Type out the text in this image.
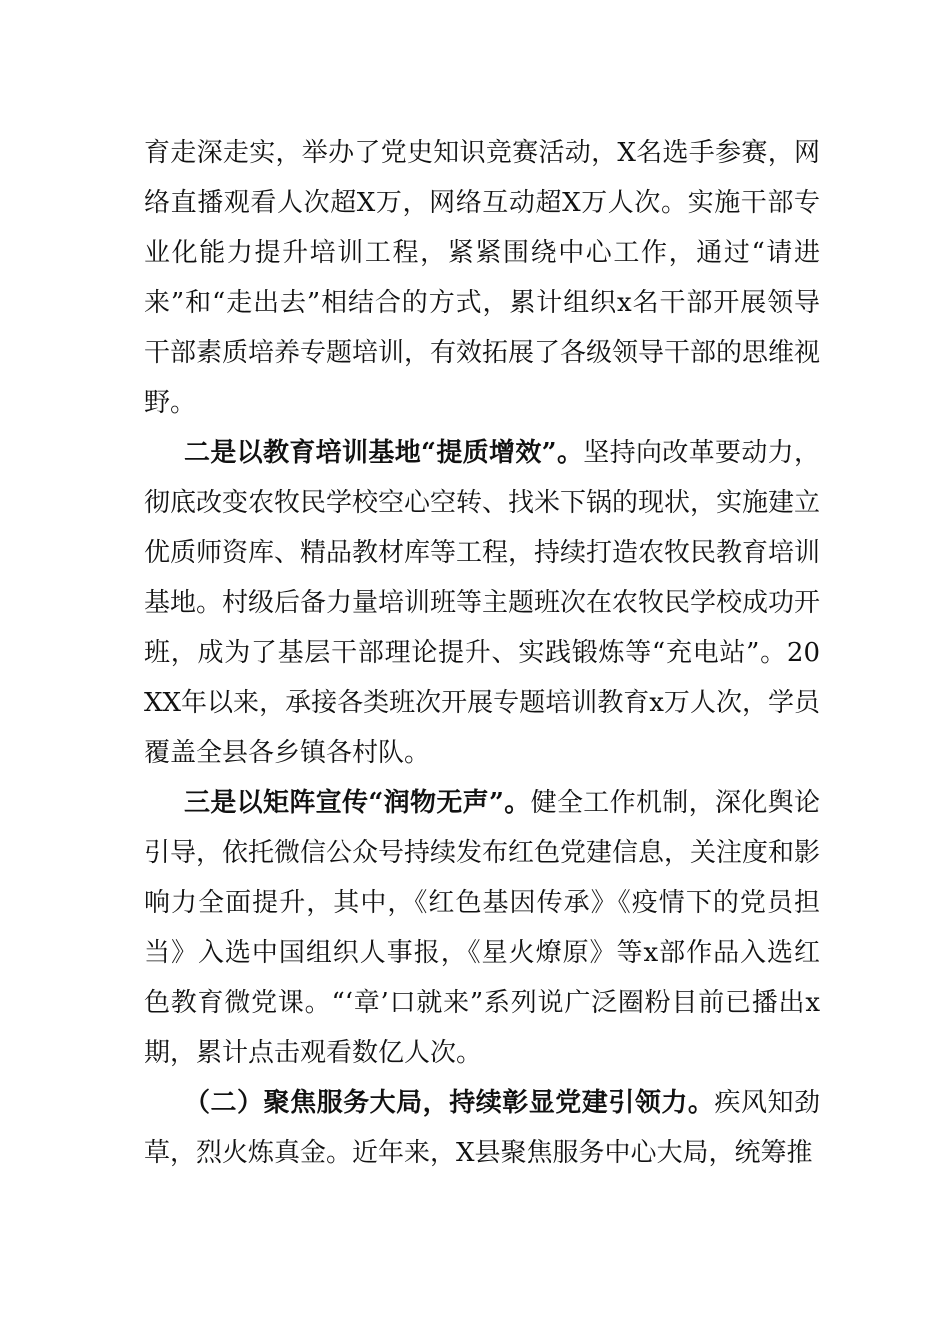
育走深走实，举办了党史知识竞赛活动，X名选手参赛，网络直播观看人次超X万，网络互动超X万人次。实施干部专业化能力提升培训工程，紧紧围绕中心工作，通过“请进来”和“走出去”相结合的方式，累计组织x名干部开展领导干部素质培养专题培训，有效拓展了各级领导干部的思维视野。

二是以教育培训基地“提质增效”。坚持向改革要动力，彻底改变农牧民学校空心空转、找米下锅的现状，实施建立优质师资库、精品教材库等工程，持续打造农牧民教育培训基地。村级后备力量培训班等主题班次在农牧民学校成功开班，成为了基层干部理论提升、实践锻炼等“充电站”。20XX年以来，承接各类班次开展专题培训教育x万人次，学员覆盖全县各乡镇各村队。

三是以矩阵宣传“润物无声”。健全工作机制，深化舆论引导，依托微信公众号持续发布红色党建信息，关注度和影响力全面提升，其中，《红色基因传承》《疫情下的党员担当》入选中国组织人事报，《星火燎原》等x部作品入选红色教育微党课。“‘章’口就来”系列说广泛圈粉目前已播出x期，累计点击观看数亿人次。

（二）聚焦服务大局，持续彰显党建引领力。疾风知劲草，烈火炼真金。近年来，X县聚焦服务中心大局，统筹推
